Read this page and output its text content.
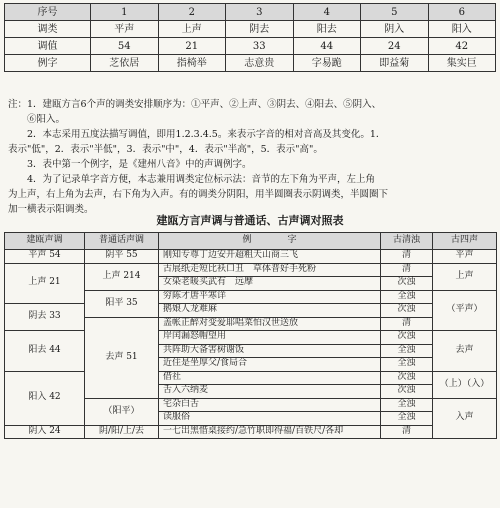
序号	1	2	3	4	5	6
调类	平声	上声	阴去	阳去	阴入	阳入
调值	54	21	33	44	24	42
例字	芝依居	指椅举	志意贵	字易跪	即益菊	集实巨

注：1．建瓯方言6个声的调类安排顺序为：①平声、②上声、③阴去、④阳去、⑤阴入、

⑥阳入。

2．本志采用五度法描写调值，即用1.2.3.4.5。来表示字音的相对音高及其变化。1．

表示"低"，2．表示"半低"，3．表示"中"，4．表示"半高"，5．表示"高"。

3．表中第一个例字，是《建州八音》中的声调例字。

4．为了记录单字音方便，本志兼用调类定位标示法：音节的左下角为平声，左上角

为上声，右上角为去声，右下角为入声。有的调类分阴阳，用半圆圈表示阴调类，半圆圈下

加一横表示阳调类。

建瓯方言声调与普通话、古声调对照表
建瓯声调	普通话声调	例　　　　字	古清浊	古四声
平声 54	阴平 55	刚知专尊丁边安开超粗天山商三飞	清	平声
上声 21	上声 214	古展纸走短比袄口丑　草体普好手死粉	清	上声
		女染老暖买武有　远摩	次浊	
	阳平 35	穷陈才唐平寒详	全浊	（平声）
阴去 33		鹅娘人龙难麻	次浊	
	去声 51	盖帐正醉对变爱耶唱菜怕汉世送放	清	
阳去 44		岸闰漏怒帽望用	次浊	去声
		共阵助大备害树谢饭	全浊	
		近住是坐厚父/食局合	全浊	
阳入 42		借社	次浊	（上）（入）
		舌入六纳麦	次浊	
	（阳平）	宅杂白舌	全浊	入声
		读服俗	全浊	
阴入 24	阴/阳/上/去	一七出黑惜桌接约/急竹职即得福/百铁尺/各却	清	
